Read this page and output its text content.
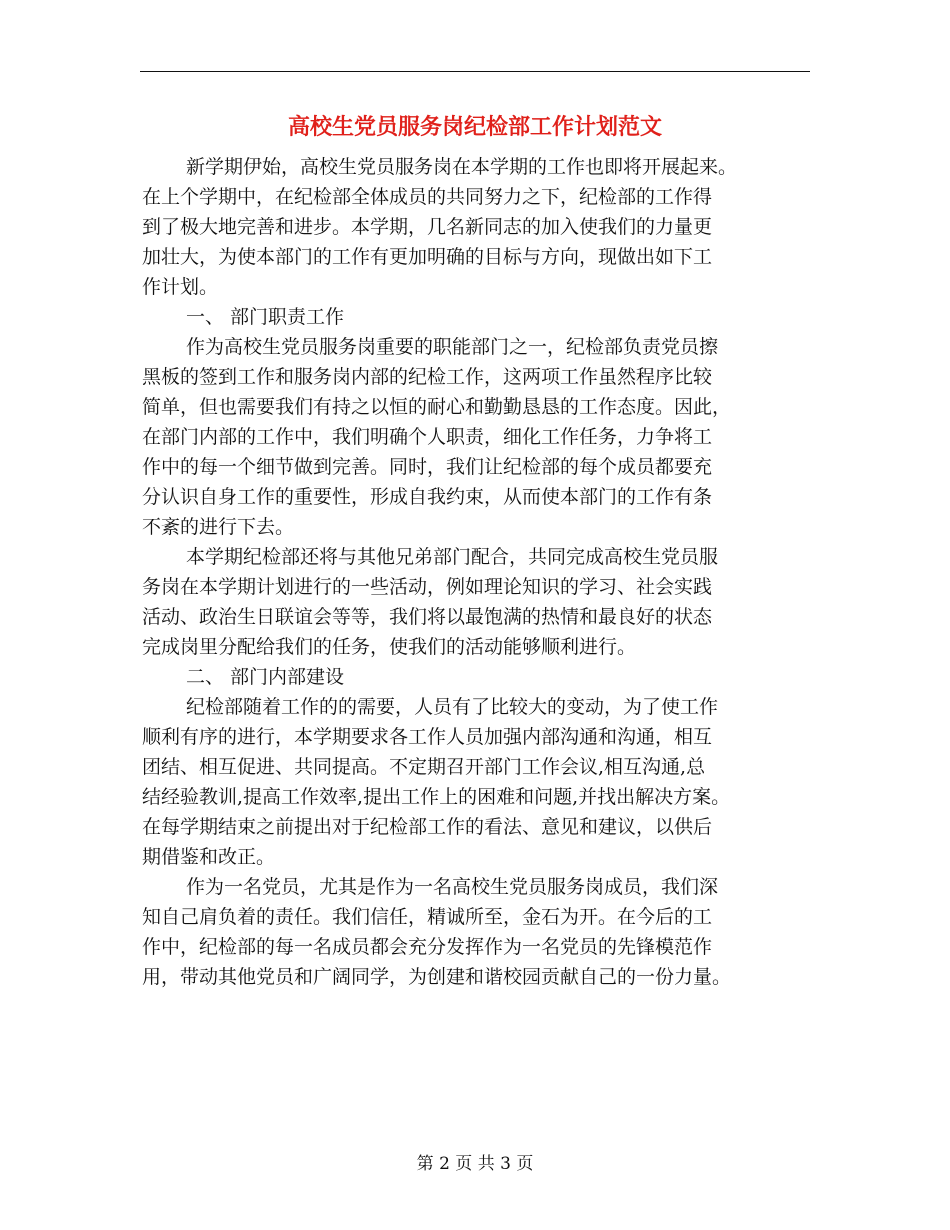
高校生党员服务岗纪检部工作计划范文
新学期伊始，高校生党员服务岗在本学期的工作也即将开展起来。
在上个学期中，在纪检部全体成员的共同努力之下，纪检部的工作得
到了极大地完善和进步。本学期，几名新同志的加入使我们的力量更
加壮大，为使本部门的工作有更加明确的目标与方向，现做出如下工
作计划。
一、 部门职责工作
作为高校生党员服务岗重要的职能部门之一，纪检部负责党员擦
黑板的签到工作和服务岗内部的纪检工作，这两项工作虽然程序比较
简单，但也需要我们有持之以恒的耐心和勤勤恳恳的工作态度。因此，
在部门内部的工作中，我们明确个人职责，细化工作任务，力争将工
作中的每一个细节做到完善。同时，我们让纪检部的每个成员都要充
分认识自身工作的重要性，形成自我约束，从而使本部门的工作有条
不紊的进行下去。
本学期纪检部还将与其他兄弟部门配合，共同完成高校生党员服
务岗在本学期计划进行的一些活动，例如理论知识的学习、社会实践
活动、政治生日联谊会等等，我们将以最饱满的热情和最良好的状态
完成岗里分配给我们的任务，使我们的活动能够顺利进行。
二、 部门内部建设
纪检部随着工作的的需要，人员有了比较大的变动，为了使工作
顺利有序的进行，本学期要求各工作人员加强内部沟通和沟通，相互
团结、相互促进、共同提高。不定期召开部门工作会议,相互沟通,总
结经验教训,提高工作效率,提出工作上的困难和问题,并找出解决方案。
在每学期结束之前提出对于纪检部工作的看法、意见和建议，以供后
期借鉴和改正。
作为一名党员，尤其是作为一名高校生党员服务岗成员，我们深
知自己肩负着的责任。我们信任，精诚所至，金石为开。在今后的工
作中，纪检部的每一名成员都会充分发挥作为一名党员的先锋模范作
用，带动其他党员和广阔同学，为创建和谐校园贡献自己的一份力量。
第 2 页 共 3 页
